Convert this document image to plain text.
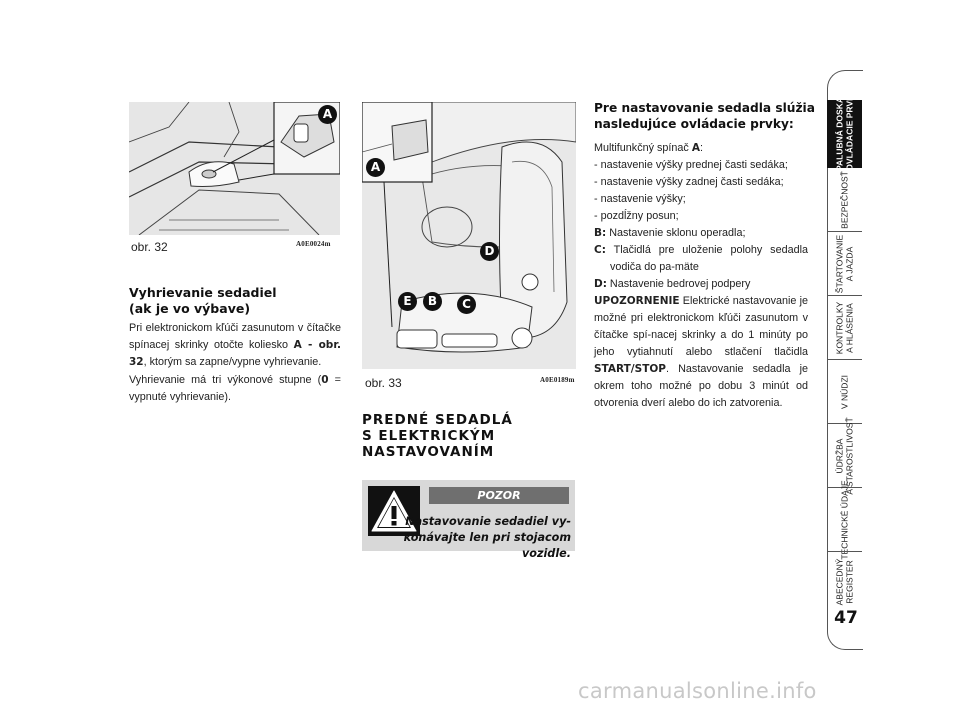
A
obr. 32	A0E0024m
Vyhrievanie sedadiel
(ak je vo výbave)

Pri elektronickom kľúči zasunutom v čítačke spínacej skrinky otočte koliesko A - obr. 32, ktorým sa zapne/vypne vyhrievanie.

Vyhrievanie má tri výkonové stupne (0 = vypnuté vyhrievanie).

A
D
E	B	C
obr. 33	A0E0189m
PREDNÉ SEDADLÁ
S ELEKTRICKÝM
NASTAVOVANÍM
POZOR
Nastavovanie sedadiel vy-
konávajte len pri stojacom vozidle.
Pre nastavovanie sedadla slúžia
nasledujúce ovládacie prvky:

Multifunkčný spínač A:

- nastavenie výšky prednej časti sedáka;

- nastavenie výšky zadnej časti sedáka;

- nastavenie výšky;

- pozdĺžny posun;

B: Nastavenie sklonu operadla;

C: Tlačidlá pre uloženie polohy sedadla vodiča do pa-mäte

D: Nastavenie bedrovej podpery

UPOZORNENIE Elektrické nastavovanie je možné pri elektronickom kľúči zasunutom v čítačke spí-nacej skrinky a do 1 minúty po jeho vytiahnutí alebo stlačení tlačidla START/STOP. Nastavovanie sedadla je okrem toho možné po dobu 3 minút od otvorenia dverí alebo do ich zatvorenia.

PALUBNÁ DOSKA A OVLÁDACIE PRVKY
BEZPEČNOSŤ
ŠTARTOVANIE A JAZDA
KONTROLKY A HLÁSENIA
V NÚDZI
ÚDRŽBA A STAROSTLIVOSŤ
TECHNICKÉ ÚDAJE
ABECEDNÝ REGISTER
47
carmanualsonline.info
